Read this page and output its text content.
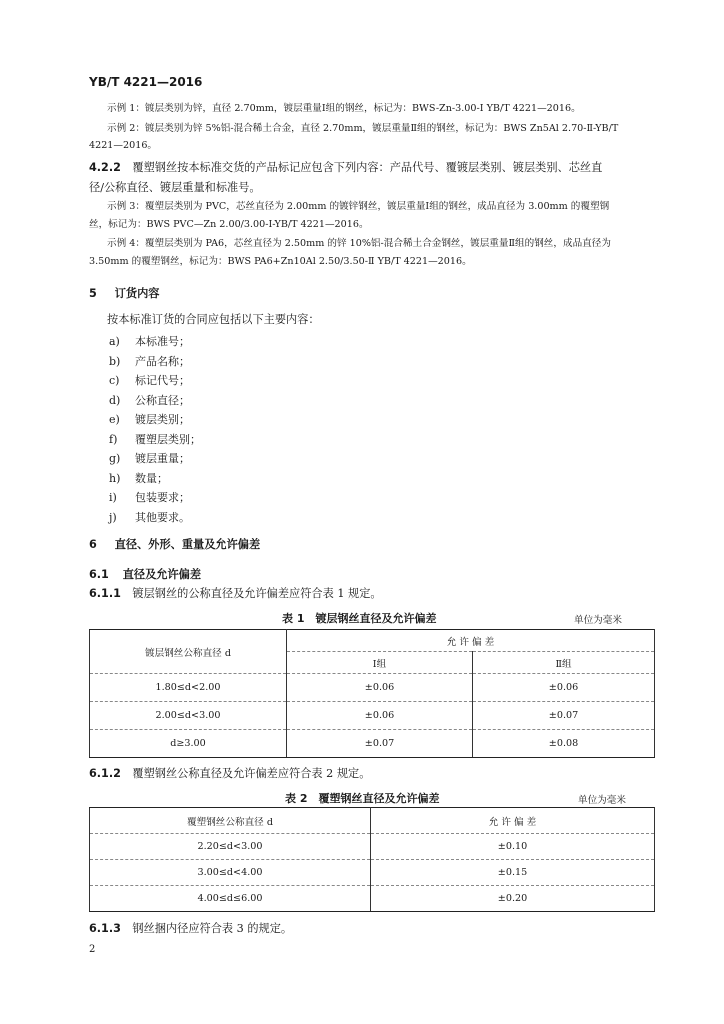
YB/T 4221—2016
示例 1：镀层类别为锌，直径 2.70mm，镀层重量Ⅰ组的钢丝，标记为：BWS-Zn-3.00-Ⅰ YB/T 4221—2016。
示例 2：镀层类别为锌 5%铝-混合稀土合金，直径 2.70mm，镀层重量Ⅱ组的钢丝，标记为：BWS Zn5Al 2.70-Ⅱ-YB/T
4221—2016。
4.2.2 覆塑钢丝按本标准交货的产品标记应包含下列内容：产品代号、覆镀层类别、镀层类别、芯丝直
径/公称直径、镀层重量和标准号。
示例 3：覆塑层类别为 PVC，芯丝直径为 2.00mm 的镀锌钢丝，镀层重量Ⅰ组的钢丝，成品直径为 3.00mm 的覆塑钢
丝，标记为：BWS PVC—Zn 2.00/3.00-Ⅰ-YB/T 4221—2016。
示例 4：覆塑层类别为 PA6，芯丝直径为 2.50mm 的锌 10%铝-混合稀土合金钢丝，镀层重量Ⅱ组的钢丝，成品直径为
3.50mm 的覆塑钢丝，标记为：BWS PA6+Zn10Al 2.50/3.50-Ⅱ YB/T 4221—2016。
5 订货内容
按本标准订货的合同应包括以下主要内容：
a) 本标准号；
b) 产品名称；
c) 标记代号；
d) 公称直径；
e) 镀层类别；
f) 覆塑层类别；
g) 镀层重量；
h) 数量；
i) 包装要求；
j) 其他要求。
6 直径、外形、重量及允许偏差
6.1 直径及允许偏差
6.1.1 镀层钢丝的公称直径及允许偏差应符合表 1 规定。
表 1　镀层钢丝直径及允许偏差	单位为毫米
镀层钢丝公称直径 d	允 许 偏 差	
	Ⅰ组	Ⅱ组
1.80≤d<2.00	±0.06	±0.06
2.00≤d<3.00	±0.06	±0.07
d≥3.00	±0.07	±0.08
6.1.2 覆塑钢丝公称直径及允许偏差应符合表 2 规定。
表 2　覆塑钢丝直径及允许偏差	单位为毫米
覆塑钢丝公称直径 d	允 许 偏 差
2.20≤d<3.00	±0.10
3.00≤d<4.00	±0.15
4.00≤d≤6.00	±0.20
6.1.3 钢丝捆内径应符合表 3 的规定。
2
